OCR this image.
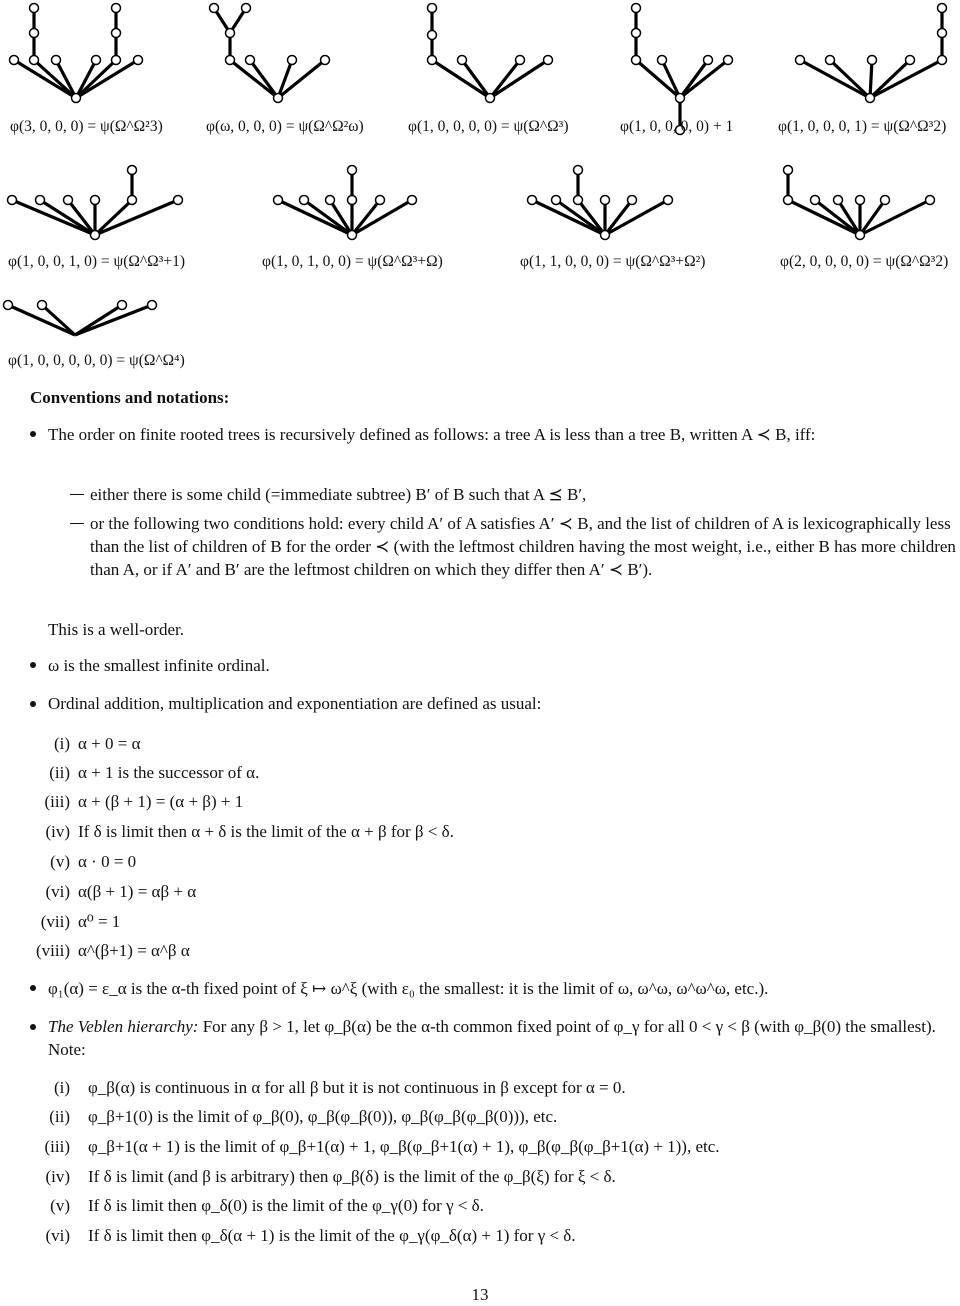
φ(3, 0, 0, 0) = ψ(Ω^Ω²3)	φ(ω, 0, 0, 0) = ψ(Ω^Ω²ω)	φ(1, 0, 0, 0, 0) = ψ(Ω^Ω³)	φ(1, 0, 0, 0, 0) + 1	φ(1, 0, 0, 0, 1) = ψ(Ω^Ω³2)
φ(1, 0, 0, 1, 0) = ψ(Ω^Ω³+1)	φ(1, 0, 1, 0, 0) = ψ(Ω^Ω³+Ω)	φ(1, 1, 0, 0, 0) = ψ(Ω^Ω³+Ω²)	φ(2, 0, 0, 0, 0) = ψ(Ω^Ω³2)
φ(1, 0, 0, 0, 0, 0) = ψ(Ω^Ω⁴)
Conventions and notations:
The order on finite rooted trees is recursively defined as follows: a tree A is less than a tree B, written A ≺ B, iff:
either there is some child (=immediate subtree) B′ of B such that A ⪯ B′,
or the following two conditions hold: every child A′ of A satisfies A′ ≺ B, and the list of children of A is lexicographically less than the list of children of B for the order ≺ (with the leftmost children having the most weight, i.e., either B has more children than A, or if A′ and B′ are the leftmost children on which they differ then A′ ≺ B′).
This is a well-order.
ω is the smallest infinite ordinal.
Ordinal addition, multiplication and exponentiation are defined as usual:
(i) α + 0 = α
(ii) α + 1 is the successor of α.
(iii) α + (β + 1) = (α + β) + 1
(iv) If δ is limit then α + δ is the limit of the α + β for β < δ.
(v) α · 0 = 0
(vi) α(β + 1) = αβ + α
(vii) α⁰ = 1
(viii) α^(β+1) = α^β α
φ₁(α) = ε_α is the α-th fixed point of ξ ↦ ω^ξ (with ε₀ the smallest: it is the limit of ω, ω^ω, ω^ω^ω, etc.).
The Veblen hierarchy: For any β > 1, let φ_β(α) be the α-th common fixed point of φ_γ for all 0 < γ < β (with φ_β(0) the smallest). Note:
(i) φ_β(α) is continuous in α for all β but it is not continuous in β except for α = 0.
(ii) φ_β+1(0) is the limit of φ_β(0), φ_β(φ_β(0)), φ_β(φ_β(φ_β(0))), etc.
(iii) φ_β+1(α + 1) is the limit of φ_β+1(α) + 1, φ_β(φ_β+1(α) + 1), φ_β(φ_β(φ_β+1(α) + 1)), etc.
(iv) If δ is limit (and β is arbitrary) then φ_β(δ) is the limit of the φ_β(ξ) for ξ < δ.
(v) If δ is limit then φ_δ(0) is the limit of the φ_γ(0) for γ < δ.
(vi) If δ is limit then φ_δ(α + 1) is the limit of the φ_γ(φ_δ(α) + 1) for γ < δ.
13
